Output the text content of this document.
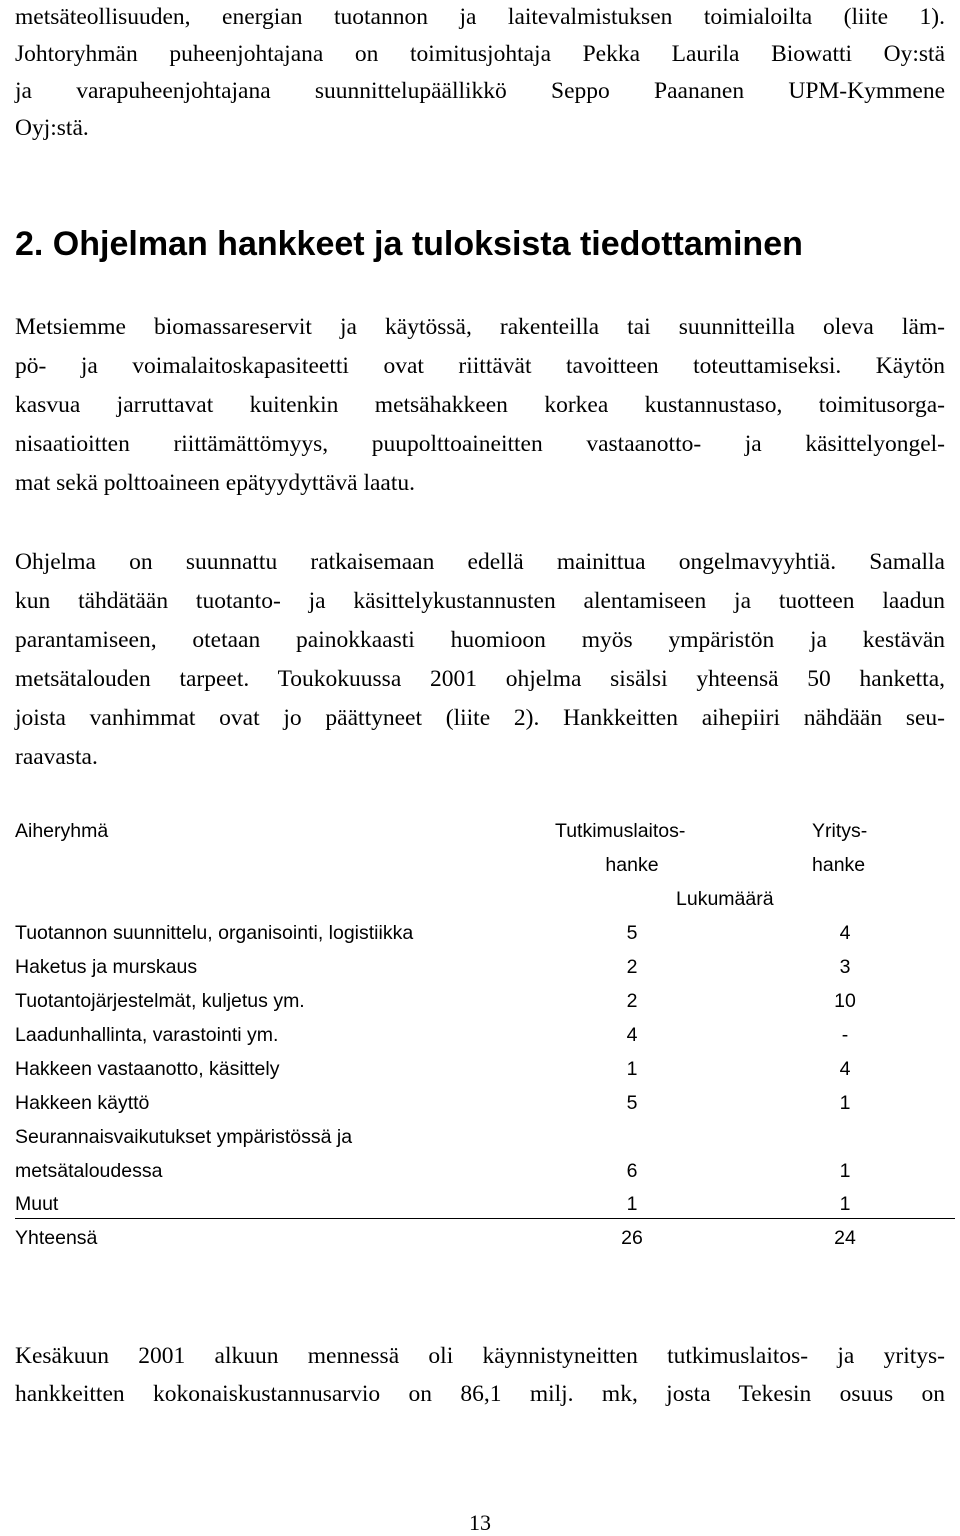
metsäteollisuuden, energian tuotannon ja laitevalmistuksen toimialoilta (liite 1).
Johtoryhmän puheenjohtajana on toimitusjohtaja Pekka Laurila Biowatti Oy:stä
ja varapuheenjohtajana suunnittelupäällikkö Seppo Paananen UPM-Kymmene
Oyj:stä.
2. Ohjelman hankkeet ja tuloksista tiedottaminen
Metsiemme biomassareservit ja käytössä, rakenteilla tai suunnitteilla oleva läm-
pö- ja voimalaitoskapasiteetti ovat riittävät tavoitteen toteuttamiseksi. Käytön
kasvua jarruttavat kuitenkin metsähakkeen korkea kustannustaso, toimitusorga-
nisaatioitten riittämättömyys, puupolttoaineitten vastaanotto- ja käsittelyongel-
mat sekä polttoaineen epätyydyttävä laatu.
Ohjelma on suunnattu ratkaisemaan edellä mainittua ongelmavyyhtiä. Samalla
kun tähdätään tuotanto- ja käsittelykustannusten alentamiseen ja tuotteen laadun
parantamiseen, otetaan painokkaasti huomioon myös ympäristön ja kestävän
metsätalouden tarpeet. Toukokuussa 2001 ohjelma sisälsi yhteensä 50 hanketta,
joista vanhimmat ovat jo päättyneet (liite 2). Hankkeitten aihepiiri nähdään seu-
raavasta.
Aiheryhmä	Tutkimuslaitos-	Yritys-
hanke	hanke
Lukumäärä
Tuotannon suunnittelu, organisointi, logistiikka	5	4
Haketus ja murskaus	2	3
Tuotantojärjestelmät, kuljetus ym.	2	10
Laadunhallinta, varastointi ym.	4	-
Hakkeen vastaanotto, käsittely	1	4
Hakkeen käyttö	5	1
Seurannaisvaikutukset ympäristössä ja
metsätaloudessa	6	1
Muut	1	1
Yhteensä	26	24
Kesäkuun 2001 alkuun mennessä oli käynnistyneitten tutkimuslaitos- ja yritys-
hankkeitten kokonaiskustannusarvio on 86,1 milj. mk, josta Tekesin osuus on
13
